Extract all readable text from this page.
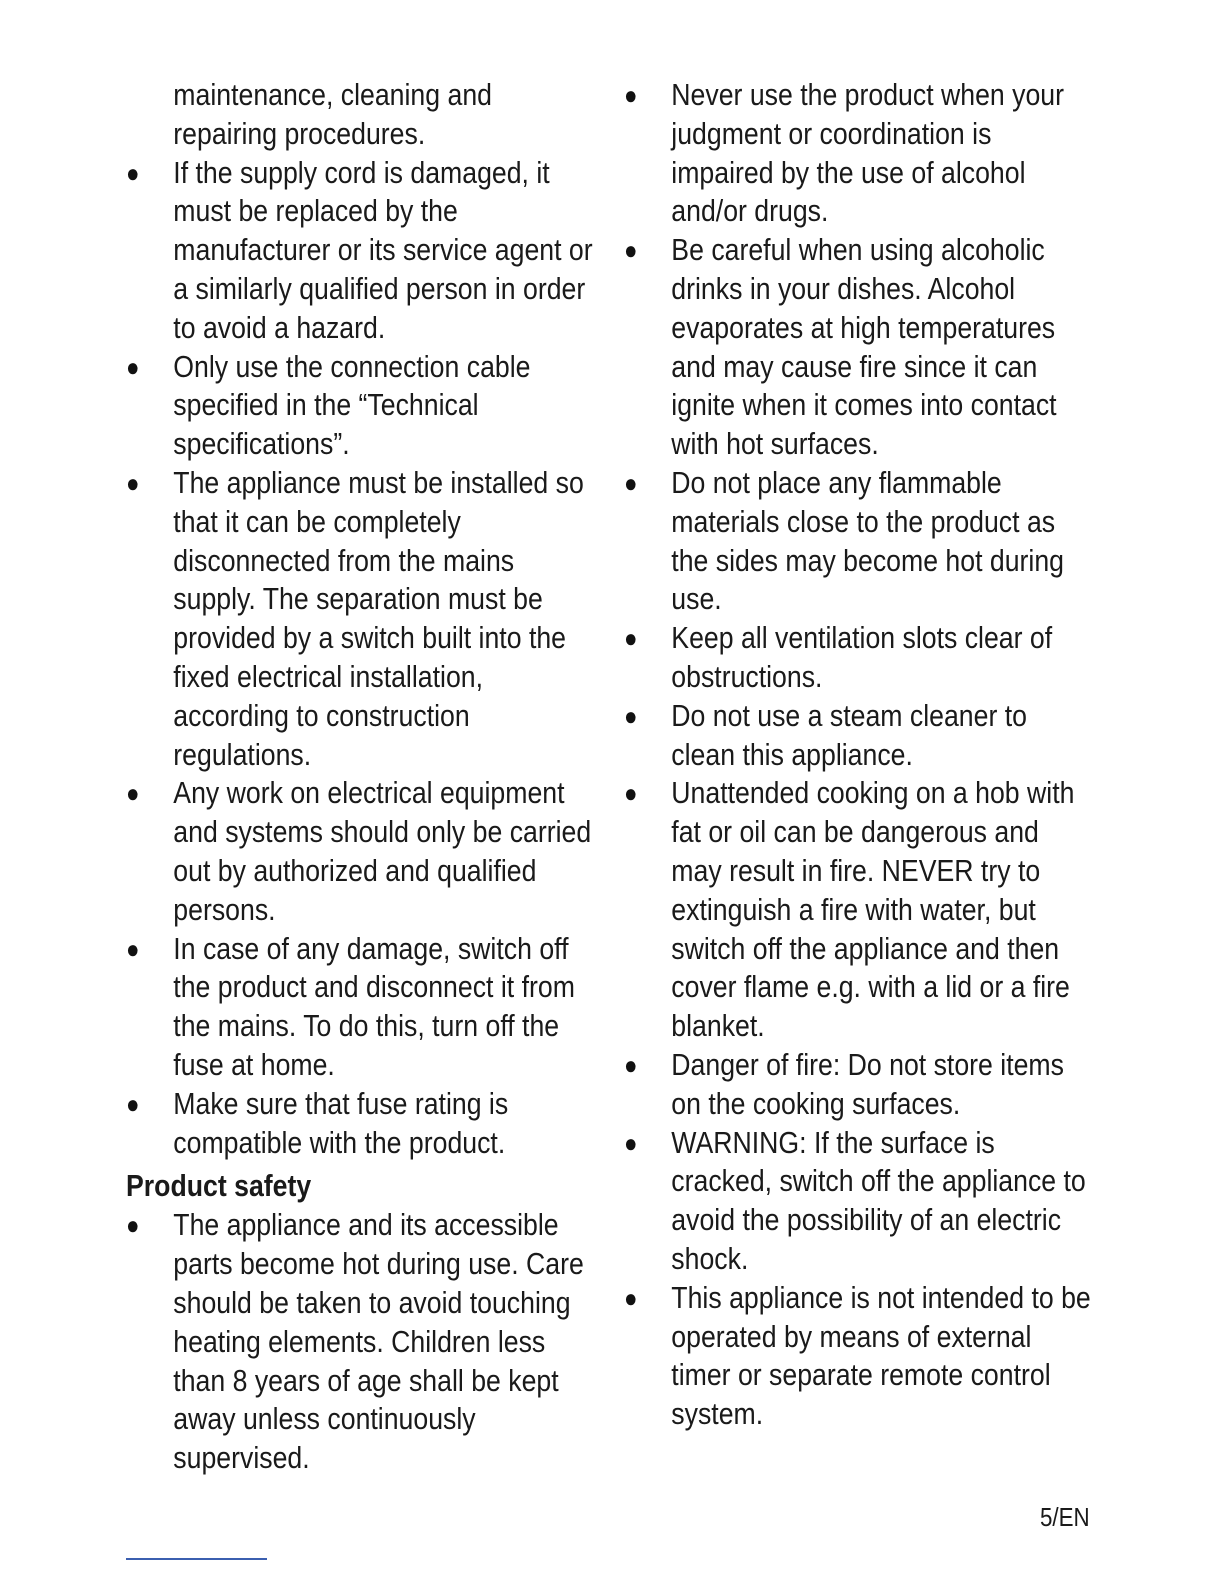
maintenance, cleaning and repairing procedures.
● If the supply cord is damaged, it must be replaced by the manufacturer or its service agent or a similarly qualified person in order to avoid a hazard.
● Only use the connection cable specified in the “Technical specifications”.
● The appliance must be installed so that it can be completely disconnected from the mains supply. The separation must be provided by a switch built into the fixed electrical installation, according to construction regulations.
● Any work on electrical equipment and systems should only be carried out by authorized and qualified persons.
● In case of any damage, switch off the product and disconnect it from the mains. To do this, turn off the fuse at home.
● Make sure that fuse rating is compatible with the product.
Product safety
● The appliance and its accessible parts become hot during use. Care should be taken to avoid touching heating elements. Children less than 8 years of age shall be kept away unless continuously supervised.
● Never use the product when your judgment or coordination is impaired by the use of alcohol and/or drugs.
● Be careful when using alcoholic drinks in your dishes. Alcohol evaporates at high temperatures and may cause fire since it can ignite when it comes into contact with hot surfaces.
● Do not place any flammable materials close to the product as the sides may become hot during use.
● Keep all ventilation slots clear of obstructions.
● Do not use a steam cleaner to clean this appliance.
● Unattended cooking on a hob with fat or oil can be dangerous and may result in fire. NEVER try to extinguish a fire with water, but switch off the appliance and then cover flame e.g. with a lid or a fire blanket.
● Danger of fire: Do not store items on the cooking surfaces.
● WARNING: If the surface is cracked, switch off the appliance to avoid the possibility of an electric shock.
● This appliance is not intended to be operated by means of external timer or separate remote control system.
5/EN
